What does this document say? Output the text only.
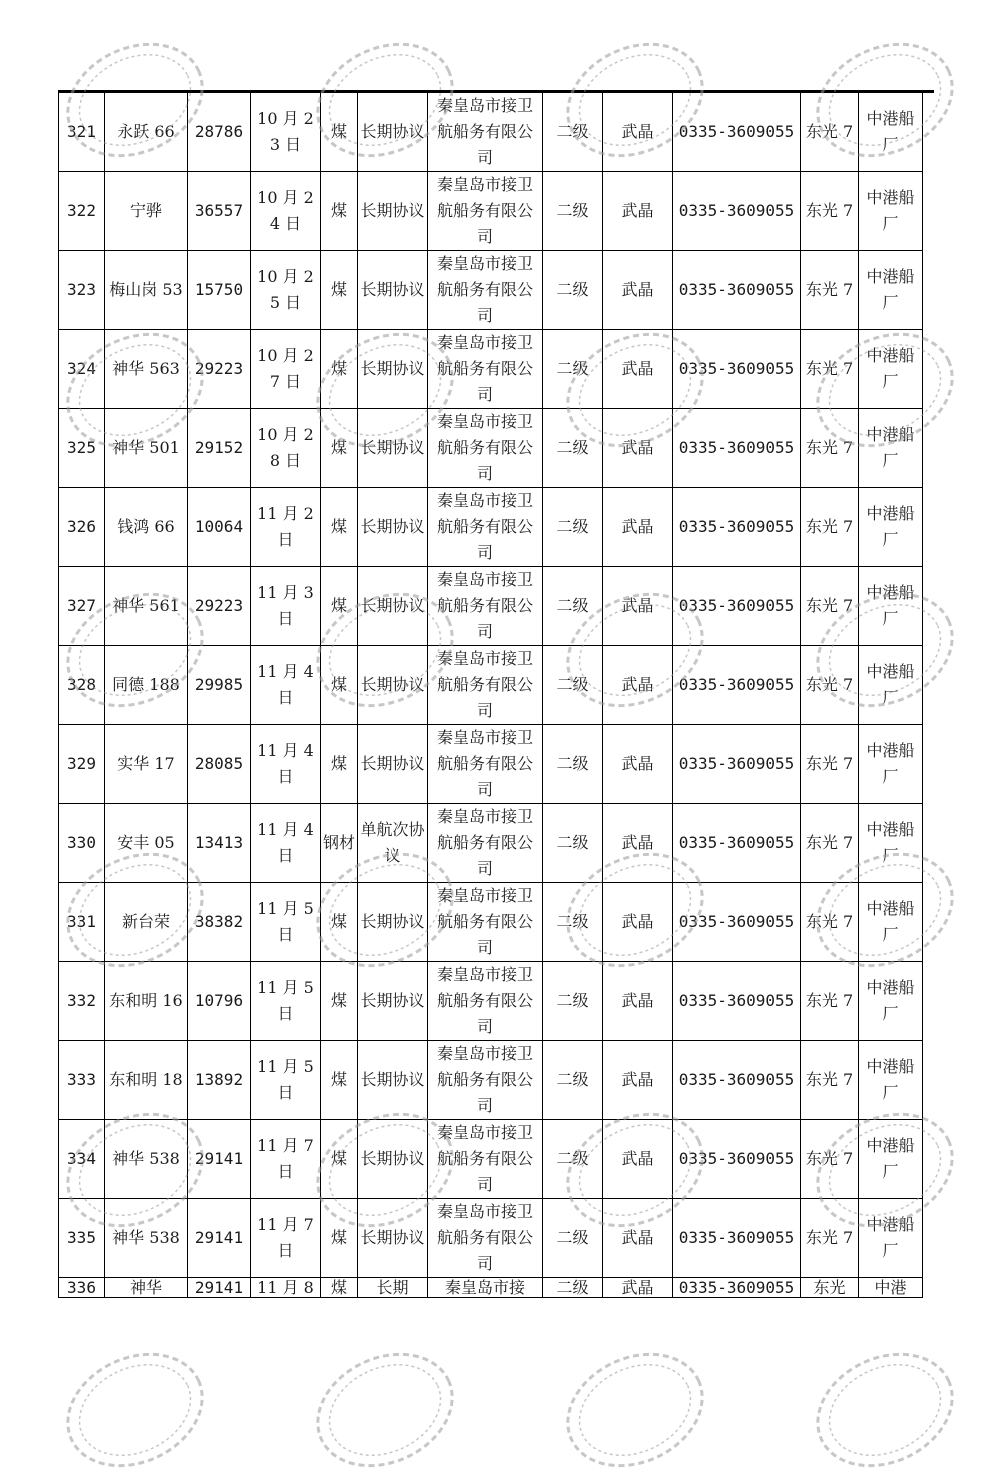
321	永跃 66	28786	10 月 23 日	煤	长期协议	秦皇岛市接卫航船务有限公司	二级	武晶	0335-3609055	东光 7	中港船厂
322	宁骅	36557	10 月 24 日	煤	长期协议	秦皇岛市接卫航船务有限公司	二级	武晶	0335-3609055	东光 7	中港船厂
323	梅山岗 53	15750	10 月 25 日	煤	长期协议	秦皇岛市接卫航船务有限公司	二级	武晶	0335-3609055	东光 7	中港船厂
324	神华 563	29223	10 月 27 日	煤	长期协议	秦皇岛市接卫航船务有限公司	二级	武晶	0335-3609055	东光 7	中港船厂
325	神华 501	29152	10 月 28 日	煤	长期协议	秦皇岛市接卫航船务有限公司	二级	武晶	0335-3609055	东光 7	中港船厂
326	钱鸿 66	10064	11 月 2 日	煤	长期协议	秦皇岛市接卫航船务有限公司	二级	武晶	0335-3609055	东光 7	中港船厂
327	神华 561	29223	11 月 3 日	煤	长期协议	秦皇岛市接卫航船务有限公司	二级	武晶	0335-3609055	东光 7	中港船厂
328	同德 188	29985	11 月 4 日	煤	长期协议	秦皇岛市接卫航船务有限公司	二级	武晶	0335-3609055	东光 7	中港船厂
329	实华 17	28085	11 月 4 日	煤	长期协议	秦皇岛市接卫航船务有限公司	二级	武晶	0335-3609055	东光 7	中港船厂
330	安丰 05	13413	11 月 4 日	钢材	单航次协议	秦皇岛市接卫航船务有限公司	二级	武晶	0335-3609055	东光 7	中港船厂
331	新台荣	38382	11 月 5 日	煤	长期协议	秦皇岛市接卫航船务有限公司	二级	武晶	0335-3609055	东光 7	中港船厂
332	东和明 16	10796	11 月 5 日	煤	长期协议	秦皇岛市接卫航船务有限公司	二级	武晶	0335-3609055	东光 7	中港船厂
333	东和明 18	13892	11 月 5 日	煤	长期协议	秦皇岛市接卫航船务有限公司	二级	武晶	0335-3609055	东光 7	中港船厂
334	神华 538	29141	11 月 7 日	煤	长期协议	秦皇岛市接卫航船务有限公司	二级	武晶	0335-3609055	东光 7	中港船厂
335	神华 538	29141	11 月 7 日	煤	长期协议	秦皇岛市接卫航船务有限公司	二级	武晶	0335-3609055	东光 7	中港船厂
336	神华	29141	11 月 8	煤	长期	秦皇岛市接	二级	武晶	0335-3609055	东光	中港
